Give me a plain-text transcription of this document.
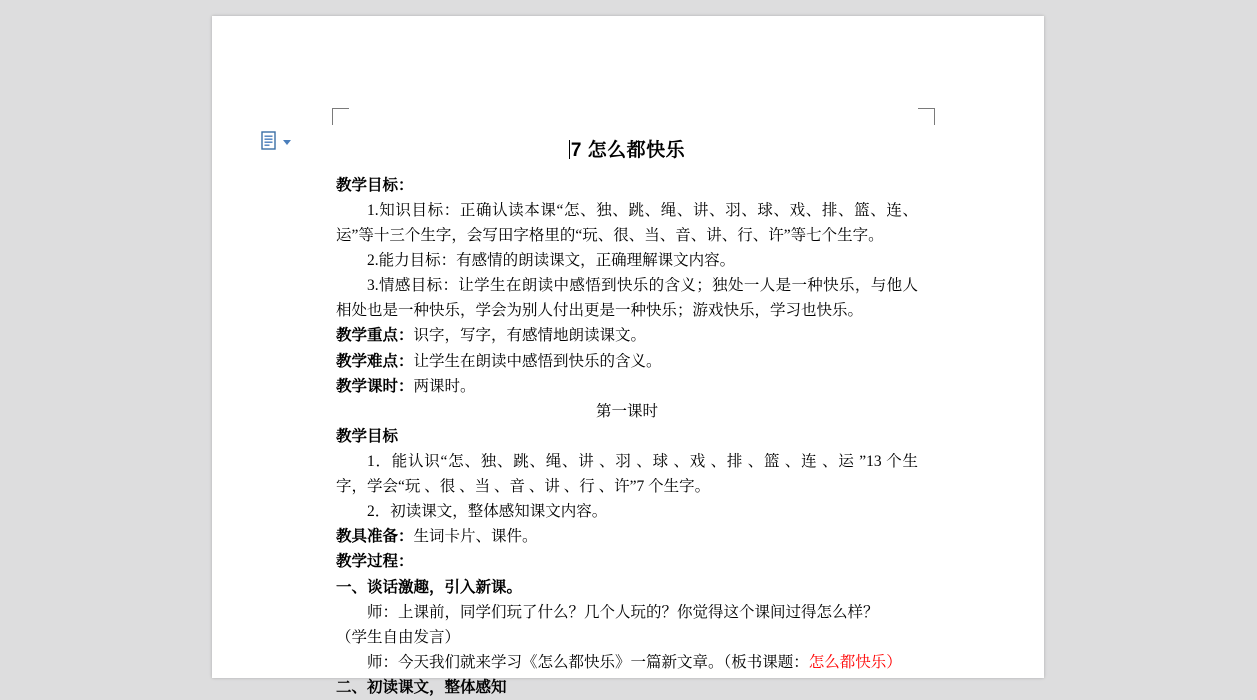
7 怎么都快乐

教学目标：

1.知识目标：正确认读本课“怎、独、跳、绳、讲、羽、球、戏、排、篮、连、运”等十三个生字，会写田字格里的“玩、很、当、音、讲、行、许”等七个生字。

2.能力目标：有感情的朗读课文，正确理解课文内容。

3.情感目标：让学生在朗读中感悟到快乐的含义；独处一人是一种快乐，与他人相处也是一种快乐，学会为别人付出更是一种快乐；游戏快乐，学习也快乐。

教学重点：识字，写字，有感情地朗读课文。

教学难点：让学生在朗读中感悟到快乐的含义。

教学课时：两课时。

第一课时

教学目标

1．能认识“怎、独、跳、绳、讲 、羽 、球 、戏 、排 、篮 、连 、运 ”13 个生字，学会“玩 、很 、当 、音 、讲 、行 、许”7 个生字。

2．初读课文，整体感知课文内容。

教具准备：生词卡片、课件。

教学过程：

一、谈话激趣，引入新课。

师：上课前，同学们玩了什么？几个人玩的？你觉得这个课间过得怎么样？

（学生自由发言）

师：今天我们就来学习《怎么都快乐》一篇新文章。（板书课题：怎么都快乐）

二、初读课文，整体感知
